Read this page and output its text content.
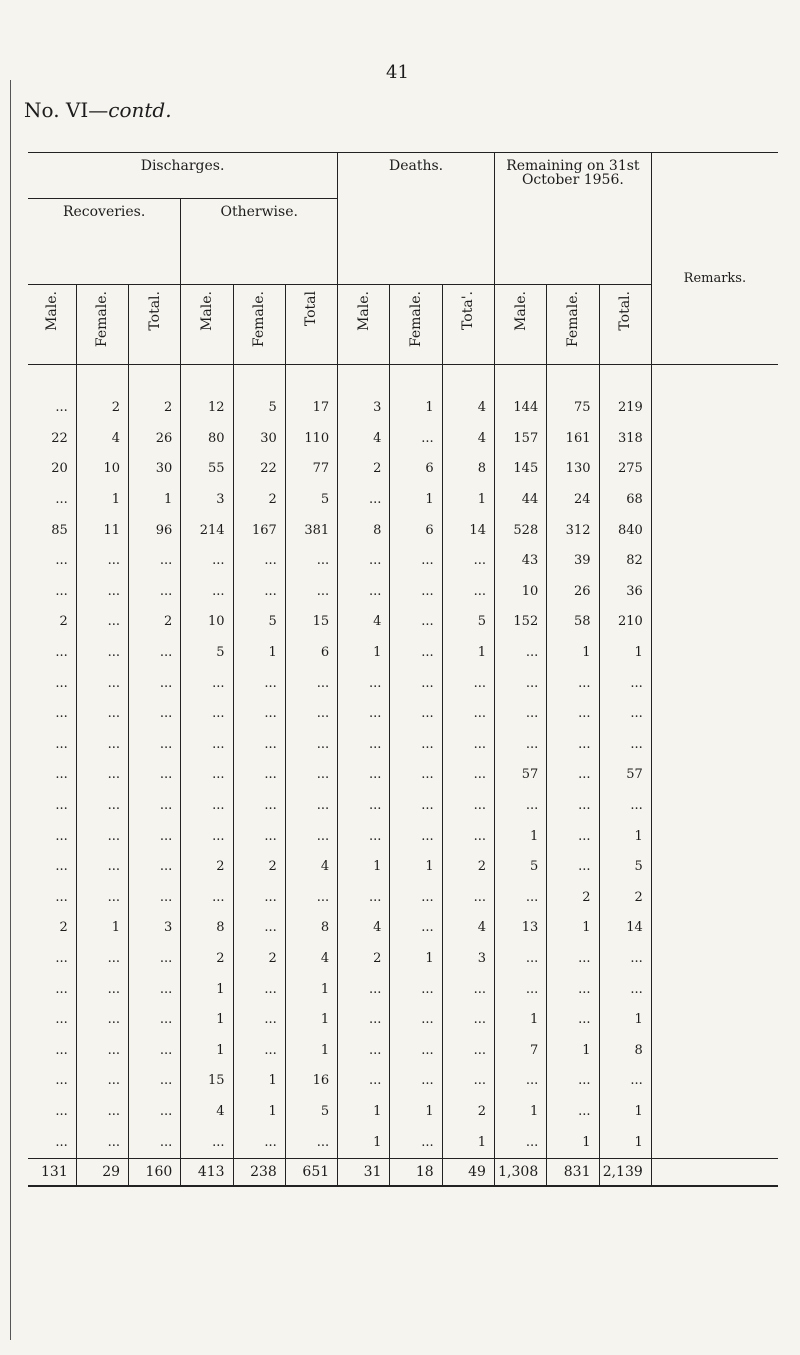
41
No. VI—contd.
Discharges.						Deaths.			Remaining on 31st October 1956.			Remarks.
Recoveries.			Otherwise.									
Male.	Female.	Total.	Male.	Female.	Total	Male.	Female.	Tota'.	Male.	Female.	Total.	

...	2	2	12	5	17	3	1	4	144	75	219	
22	4	26	80	30	110	4	...	4	157	161	318	
20	10	30	55	22	77	2	6	8	145	130	275	
...	1	1	3	2	5	...	1	1	44	24	68	
85	11	96	214	167	381	8	6	14	528	312	840	
...	...	...	...	...	...	...	...	...	43	39	82	
...	...	...	...	...	...	...	...	...	10	26	36	
2	...	2	10	5	15	4	...	5	152	58	210	
...	...	...	5	1	6	1	...	1	...	1	1	
...	...	...	...	...	...	...	...	...	...	...	...	
...	...	...	...	...	...	...	...	...	...	...	...	
...	...	...	...	...	...	...	...	...	...	...	...	
...	...	...	...	...	...	...	...	...	57	...	57	
...	...	...	...	...	...	...	...	...	...	...	...	
...	...	...	...	...	...	...	...	...	1	...	1	
...	...	...	2	2	4	1	1	2	5	...	5	
...	...	...	...	...	...	...	...	...	...	2	2	
2	1	3	8	...	8	4	...	4	13	1	14	
...	...	...	2	2	4	2	1	3	...	...	...	
...	...	...	1	...	1	...	...	...	...	...	...	
...	...	...	1	...	1	...	...	...	1	...	1	
...	...	...	1	...	1	...	...	...	7	1	8	
...	...	...	15	1	16	...	...	...	...	...	...	
...	...	...	4	1	5	1	1	2	1	...	1	
...	...	...	...	...	...	1	...	1	...	1	1	
131	29	160	413	238	651	31	18	49	1,308	831	2,139	
